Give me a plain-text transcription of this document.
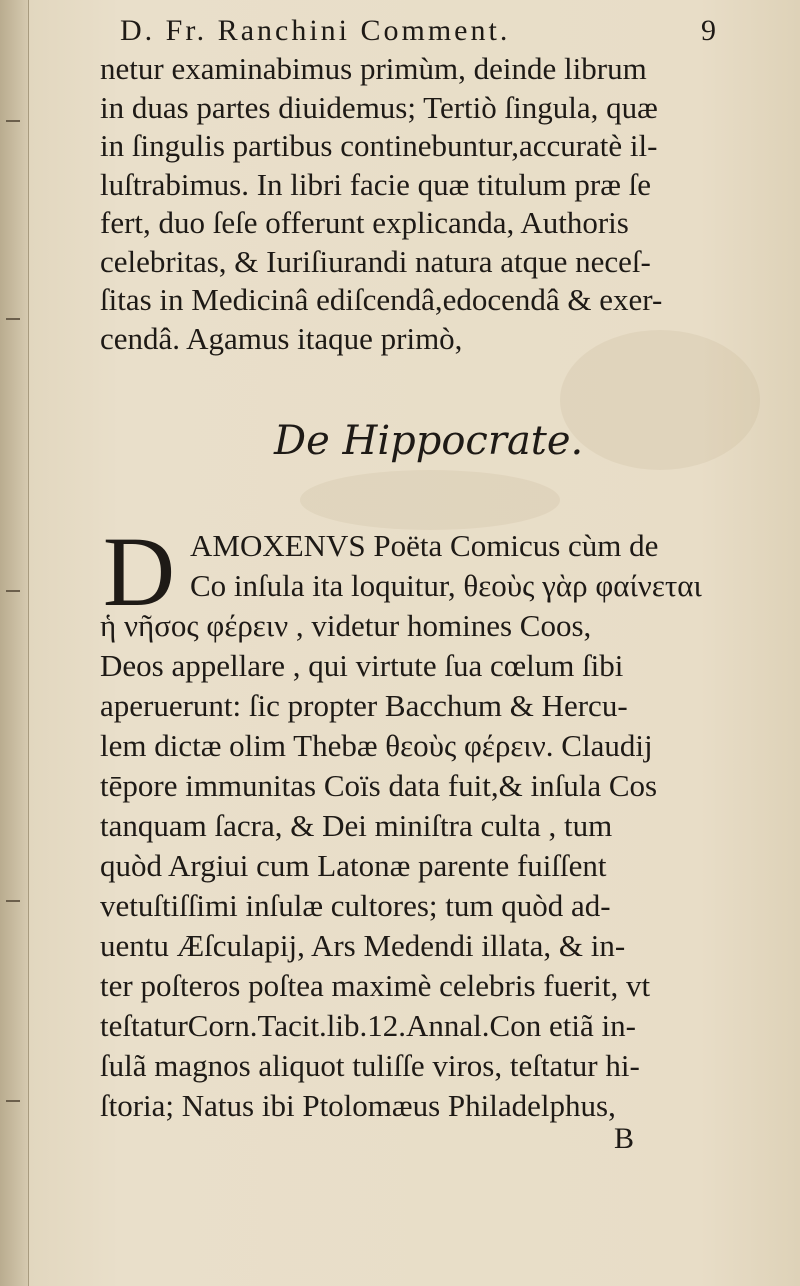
D. Fr. Ranchini Comment.	9
netur examinabimus primùm, deinde librum
in duas partes diuidemus; Tertiò ſingula, quæ
in ſingulis partibus continebuntur,accuratè il-
luſtrabimus. In libri facie quæ titulum præ ſe
fert, duo ſeſe offerunt explicanda, Authoris
celebritas, & Iuriſiurandi natura atque neceſ-
ſitas in Medicinâ ediſcendâ,edocendâ & exer-
cendâ. Agamus itaque primò,
De Hippocrate.
D AMOXENVS Poëta Comicus cùm de
Co inſula ita loquitur, θεοὺς γὰρ φαίνεται
ἡ νῆσος φέρειν , videtur homines Coos,
Deos appellare , qui virtute ſua cœlum ſibi
aperuerunt: ſic propter Bacchum & Hercu-
lem dictæ olim Thebæ θεοὺς φέρειν. Claudij
tēpore immunitas Coïs data fuit,& inſula Cos
tanquam ſacra, & Dei miniſtra culta , tum
quòd Argiui cum Latonæ parente fuiſſent
vetuſtiſſimi inſulæ cultores; tum quòd ad-
uentu Æſculapij, Ars Medendi illata, & in-
ter poſteros poſtea maximè celebris fuerit, vt
teſtaturCorn.Tacit.lib.12.Annal.Con etiã in-
ſulã magnos aliquot tuliſſe viros, teſtatur hi-
ſtoria; Natus ibi Ptolomæus Philadelphus,
B
